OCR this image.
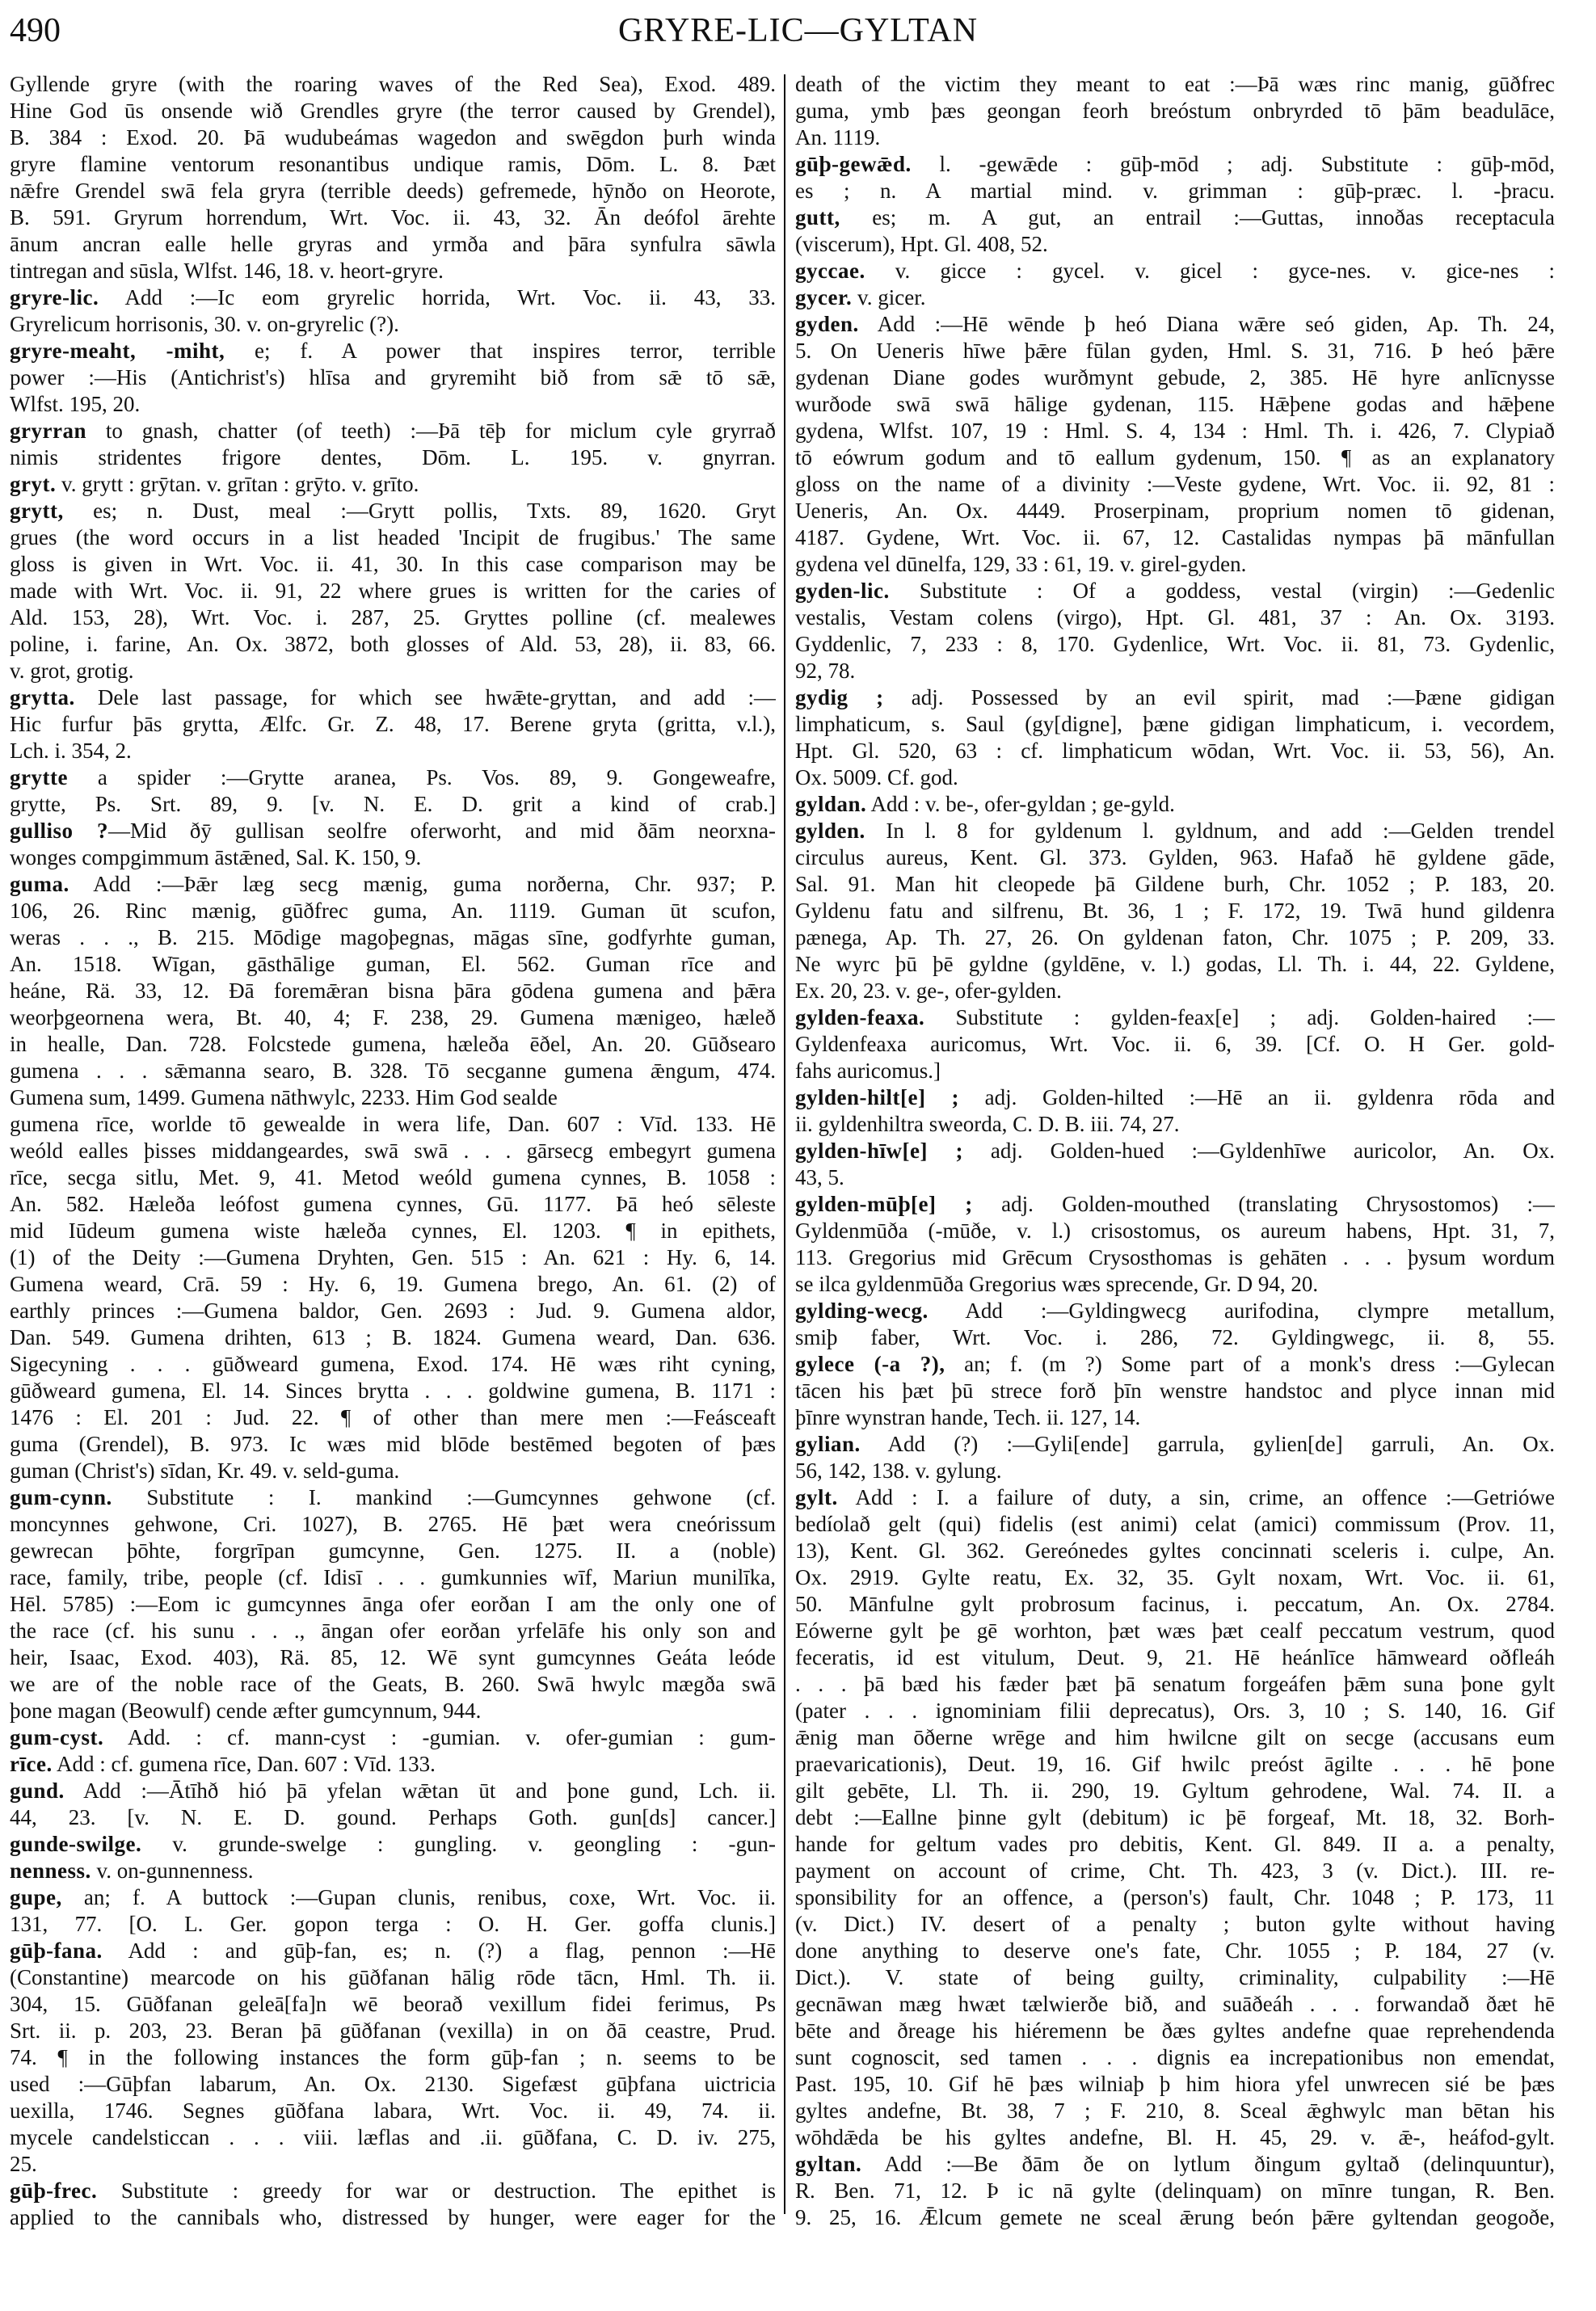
490	GRYRE-LIC—GYLTAN
Gyllende gryre (with the roaring waves of the Red Sea), Exod. 489.
Hine God ūs onsende wið Grendles gryre (the terror caused by Grendel),
B. 384 : Exod. 20. Þā wudubeámas wagedon and swēgdon þurh winda
gryre flamine ventorum resonantibus undique ramis, Dōm. L. 8. Þæt
nǣfre Grendel swā fela gryra (terrible deeds) gefremede, hȳnðo on Heorote,
B. 591. Gryrum horrendum, Wrt. Voc. ii. 43, 32. Ān deófol ārehte
ānum ancran ealle helle gryras and yrmða and þāra synfulra sāwla
tintregan and sūsla, Wlfst. 146, 18. v. heort-gryre.
gryre-lic. Add :—Ic eom gryrelic horrida, Wrt. Voc. ii. 43, 33.
Gryrelicum horrisonis, 30. v. on-gryrelic (?).
gryre-meaht, -miht, e; f. A power that inspires terror, terrible
power :—His (Antichrist's) hlīsa and gryremiht bið from sǣ tō sǣ,
Wlfst. 195, 20.
gryrran to gnash, chatter (of teeth) :—Þā tēþ for miclum cyle gryrrað
nimis stridentes frigore dentes, Dōm. L. 195. v. gnyrran.
gryt. v. grytt : grȳtan. v. grītan : grȳto. v. grīto.
grytt, es; n. Dust, meal :—Grytt pollis, Txts. 89, 1620. Gryt
grues (the word occurs in a list headed 'Incipit de frugibus.' The same
gloss is given in Wrt. Voc. ii. 41, 30. In this case comparison may be
made with Wrt. Voc. ii. 91, 22 where grues is written for the caries of
Ald. 153, 28), Wrt. Voc. i. 287, 25. Gryttes polline (cf. mealewes
poline, i. farine, An. Ox. 3872, both glosses of Ald. 53, 28), ii. 83, 66.
v. grot, grotig.
grytta. Dele last passage, for which see hwǣte-gryttan, and add :—
Hic furfur þās grytta, Ælfc. Gr. Z. 48, 17. Berene gryta (gritta, v.l.),
Lch. i. 354, 2.
grytte a spider :—Grytte aranea, Ps. Vos. 89, 9. Gongeweafre,
grytte, Ps. Srt. 89, 9. [v. N. E. D. grit a kind of crab.]
gulliso ?—Mid ðȳ gullisan seolfre oferworht, and mid ðām neorxna-
wonges compgimmum āstǣned, Sal. K. 150, 9.
guma. Add :—Þǣr læg secg mænig, guma norðerna, Chr. 937; P.
106, 26. Rinc mænig, gūðfrec guma, An. 1119. Guman ūt scufon,
weras . . ., B. 215. Mōdige magoþegnas, māgas sīne, godfyrhte guman,
An. 1518. Wīgan, gāsthālige guman, El. 562. Guman rīce and
heáne, Rä. 33, 12. Ðā foremǣran bisna þāra gōdena gumena and þǣra
weorþgeornena wera, Bt. 40, 4; F. 238, 29. Gumena mænigeo, hæleð
in healle, Dan. 728. Folcstede gumena, hæleða ēðel, An. 20. Gūðsearo
gumena . . . sǣmanna searo, B. 328. Tō secganne gumena ǣngum, 474.
Gumena sum, 1499. Gumena nāthwylc, 2233. Him God sealde
gumena rīce, worlde tō gewealde in wera life, Dan. 607 : Vīd. 133. Hē
weóld ealles þisses middangeardes, swā swā . . . gārsecg embegyrt gumena
rīce, secga sitlu, Met. 9, 41. Metod weóld gumena cynnes, B. 1058 :
An. 582. Hæleða leófost gumena cynnes, Gū. 1177. Þā heó sēleste
mid Iūdeum gumena wiste hæleða cynnes, El. 1203. ¶ in epithets,
(1) of the Deity :—Gumena Dryhten, Gen. 515 : An. 621 : Hy. 6, 14.
Gumena weard, Crā. 59 : Hy. 6, 19. Gumena brego, An. 61. (2) of
earthly princes :—Gumena baldor, Gen. 2693 : Jud. 9. Gumena aldor,
Dan. 549. Gumena drihten, 613 ; B. 1824. Gumena weard, Dan. 636.
Sigecyning . . . gūðweard gumena, Exod. 174. Hē wæs riht cyning,
gūðweard gumena, El. 14. Sinces brytta . . . goldwine gumena, B. 1171 :
1476 : El. 201 : Jud. 22. ¶ of other than mere men :—Feásceaft
guma (Grendel), B. 973. Ic wæs mid blōde bestēmed begoten of þæs
guman (Christ's) sīdan, Kr. 49. v. seld-guma.
gum-cynn. Substitute : I. mankind :—Gumcynnes gehwone (cf.
moncynnes gehwone, Cri. 1027), B. 2765. Hē þæt wera cneórissum
gewrecan þōhte, forgrīpan gumcynne, Gen. 1275. II. a (noble)
race, family, tribe, people (cf. Idisī . . . gumkunnies wīf, Mariun munilīka,
Hēl. 5785) :—Eom ic gumcynnes ānga ofer eorðan I am the only one of
the race (cf. his sunu . . ., āngan ofer eorðan yrfelāfe his only son and
heir, Isaac, Exod. 403), Rä. 85, 12. Wē synt gumcynnes Geáta leóde
we are of the noble race of the Geats, B. 260. Swā hwylc mægða swā
þone magan (Beowulf) cende æfter gumcynnum, 944.
gum-cyst. Add. : cf. mann-cyst : -gumian. v. ofer-gumian : gum-
rīce. Add : cf. gumena rīce, Dan. 607 : Vīd. 133.
gund. Add :—Ātīhð hió þā yfelan wǣtan ūt and þone gund, Lch. ii.
44, 23. [v. N. E. D. gound. Perhaps Goth. gun[ds] cancer.]
gunde-swilge. v. grunde-swelge : gungling. v. geongling : -gun-
nenness. v. on-gunnenness.
gupe, an; f. A buttock :—Gupan clunis, renibus, coxe, Wrt. Voc. ii.
131, 77. [O. L. Ger. gopon terga : O. H. Ger. goffa clunis.]
gūþ-fana. Add : and gūþ-fan, es; n. (?) a flag, pennon :—Hē
(Constantine) mearcode on his gūðfanan hālig rōde tācn, Hml. Th. ii.
304, 15. Gūðfanan geleā[fa]n wē beorað vexillum fidei ferimus, Ps
Srt. ii. p. 203, 23. Beran þā gūðfanan (vexilla) in on ðā ceastre, Prud.
74. ¶ in the following instances the form gūþ-fan ; n. seems to be
used :—Gūþfan labarum, An. Ox. 2130. Sigefæst gūþfana uictricia
uexilla, 1746. Segnes gūðfana labara, Wrt. Voc. ii. 49, 74. ii.
mycele candelsticcan . . . viii. læflas and .ii. gūðfana, C. D. iv. 275,
25.
gūþ-frec. Substitute : greedy for war or destruction. The epithet is
applied to the cannibals who, distressed by hunger, were eager for the
death of the victim they meant to eat :—Þā wæs rinc manig, gūðfrec
guma, ymb þæs geongan feorh breóstum onbryrded tō þām beadulāce,
An. 1119.
gūþ-gewǣd. l. -gewǣde : gūþ-mōd ; adj. Substitute : gūþ-mōd,
es ; n. A martial mind. v. grimman : gūþ-præc. l. -þracu.
gutt, es; m. A gut, an entrail :—Guttas, innoðas receptacula
(viscerum), Hpt. Gl. 408, 52.
gyccae. v. gicce : gycel. v. gicel : gyce-nes. v. gice-nes :
gycer. v. gicer.
gyden. Add :—Hē wēnde þ heó Diana wǣre seó giden, Ap. Th. 24,
5. On Ueneris hīwe þǣre fūlan gyden, Hml. S. 31, 716. Þ heó þǣre
gydenan Diane godes wurðmynt gebude, 2, 385. Hē hyre anlīcnysse
wurðode swā swā hālige gydenan, 115. Hǣþene godas and hǣþene
gydena, Wlfst. 107, 19 : Hml. S. 4, 134 : Hml. Th. i. 426, 7. Clypiað
tō eówrum godum and tō eallum gydenum, 150. ¶ as an explanatory
gloss on the name of a divinity :—Veste gydene, Wrt. Voc. ii. 92, 81 :
Ueneris, An. Ox. 4449. Proserpinam, proprium nomen tō gidenan,
4187. Gydene, Wrt. Voc. ii. 67, 12. Castalidas nympas þā mānfullan
gydena vel dūnelfa, 129, 33 : 61, 19. v. girel-gyden.
gyden-lic. Substitute : Of a goddess, vestal (virgin) :—Gedenlic
vestalis, Vestam colens (virgo), Hpt. Gl. 481, 37 : An. Ox. 3193.
Gyddenlic, 7, 233 : 8, 170. Gydenlice, Wrt. Voc. ii. 81, 73. Gydenlic,
92, 78.
gydig ; adj. Possessed by an evil spirit, mad :—Þæne gidigan
limphaticum, s. Saul (gy[digne], þæne gidigan limphaticum, i. vecordem,
Hpt. Gl. 520, 63 : cf. limphaticum wōdan, Wrt. Voc. ii. 53, 56), An.
Ox. 5009. Cf. god.
gyldan. Add : v. be-, ofer-gyldan ; ge-gyld.
gylden. In l. 8 for gyldenum l. gyldnum, and add :—Gelden trendel
circulus aureus, Kent. Gl. 373. Gylden, 963. Hafað hē gyldene gāde,
Sal. 91. Man hit cleopede þā Gildene burh, Chr. 1052 ; P. 183, 20.
Gyldenu fatu and silfrenu, Bt. 36, 1 ; F. 172, 19. Twā hund gildenra
pænega, Ap. Th. 27, 26. On gyldenan faton, Chr. 1075 ; P. 209, 33.
Ne wyrc þū þē gyldne (gyldēne, v. l.) godas, Ll. Th. i. 44, 22. Gyldene,
Ex. 20, 23. v. ge-, ofer-gylden.
gylden-feaxa. Substitute : gylden-feax[e] ; adj. Golden-haired :—
Gyldenfeaxa auricomus, Wrt. Voc. ii. 6, 39. [Cf. O. H Ger. gold-
fahs auricomus.]
gylden-hilt[e] ; adj. Golden-hilted :—Hē an ii. gyldenra rōda and
ii. gyldenhiltra sweorda, C. D. B. iii. 74, 27.
gylden-hīw[e] ; adj. Golden-hued :—Gyldenhīwe auricolor, An. Ox.
43, 5.
gylden-mūþ[e] ; adj. Golden-mouthed (translating Chrysostomos) :—
Gyldenmūða (-mūðe, v. l.) crisostomus, os aureum habens, Hpt. 31, 7,
113. Gregorius mid Grēcum Crysosthomas is gehāten . . . þysum wordum
se ilca gyldenmūða Gregorius wæs sprecende, Gr. D 94, 20.
gylding-wecg. Add :—Gyldingwecg aurifodina, clympre metallum,
smiþ faber, Wrt. Voc. i. 286, 72. Gyldingwegc, ii. 8, 55.
gylece (-a ?), an; f. (m ?) Some part of a monk's dress :—Gylecan
tācen his þæt þū strece forð þīn wenstre handstoc and plyce innan mid
þīnre wynstran hande, Tech. ii. 127, 14.
gylian. Add (?) :—Gyli[ende] garrula, gylien[de] garruli, An. Ox.
56, 142, 138. v. gylung.
gylt. Add : I. a failure of duty, a sin, crime, an offence :—Getriówe
bedíolað gelt (qui) fidelis (est animi) celat (amici) commissum (Prov. 11,
13), Kent. Gl. 362. Gereónedes gyltes concinnati sceleris i. culpe, An.
Ox. 2919. Gylte reatu, Ex. 32, 35. Gylt noxam, Wrt. Voc. ii. 61,
50. Mānfulne gylt probrosum facinus, i. peccatum, An. Ox. 2784.
Eówerne gylt þe gē worhton, þæt wæs þæt cealf peccatum vestrum, quod
feceratis, id est vitulum, Deut. 9, 21. Hē heánlīce hāmweard oðfleáh
. . . þā bæd his fæder þæt þā senatum forgeáfen þǣm suna þone gylt
(pater . . . ignominiam filii deprecatus), Ors. 3, 10 ; S. 140, 16. Gif
ǣnig man ōðerne wrēge and him hwilcne gilt on secge (accusans eum
praevaricationis), Deut. 19, 16. Gif hwilc preóst āgilte . . . hē þone
gilt gebēte, Ll. Th. ii. 290, 19. Gyltum gehrodene, Wal. 74. II. a
debt :—Eallne þinne gylt (debitum) ic þē forgeaf, Mt. 18, 32. Borh-
hande for geltum vades pro debitis, Kent. Gl. 849. II a. a penalty,
payment on account of crime, Cht. Th. 423, 3 (v. Dict.). III. re-
sponsibility for an offence, a (person's) fault, Chr. 1048 ; P. 173, 11
(v. Dict.) IV. desert of a penalty ; buton gylte without having
done anything to deserve one's fate, Chr. 1055 ; P. 184, 27 (v.
Dict.). V. state of being guilty, criminality, culpability :—Hē
gecnāwan mæg hwæt tælwierðe bið, and suāðeáh . . . forwandað ðæt hē
bēte and ðreage his hiéremenn be ðæs gyltes andefne quae reprehendenda
sunt cognoscit, sed tamen . . . dignis ea increpationibus non emendat,
Past. 195, 10. Gif hē þæs wilniaþ þ him hiora yfel unwrecen sié be þæs
gyltes andefne, Bt. 38, 7 ; F. 210, 8. Sceal ǣghwylc man bētan his
wōhdǣda be his gyltes andefne, Bl. H. 45, 29. v. ǣ-, heáfod-gylt.
gyltan. Add :—Be ðām ðe on lytlum ðingum gyltað (delinquuntur),
R. Ben. 71, 12. Þ ic nā gylte (delinquam) on mīnre tungan, R. Ben.
9. 25, 16. Ǣlcum gemete ne sceal ǣrung beón þǣre gyltendan geogoðe,
